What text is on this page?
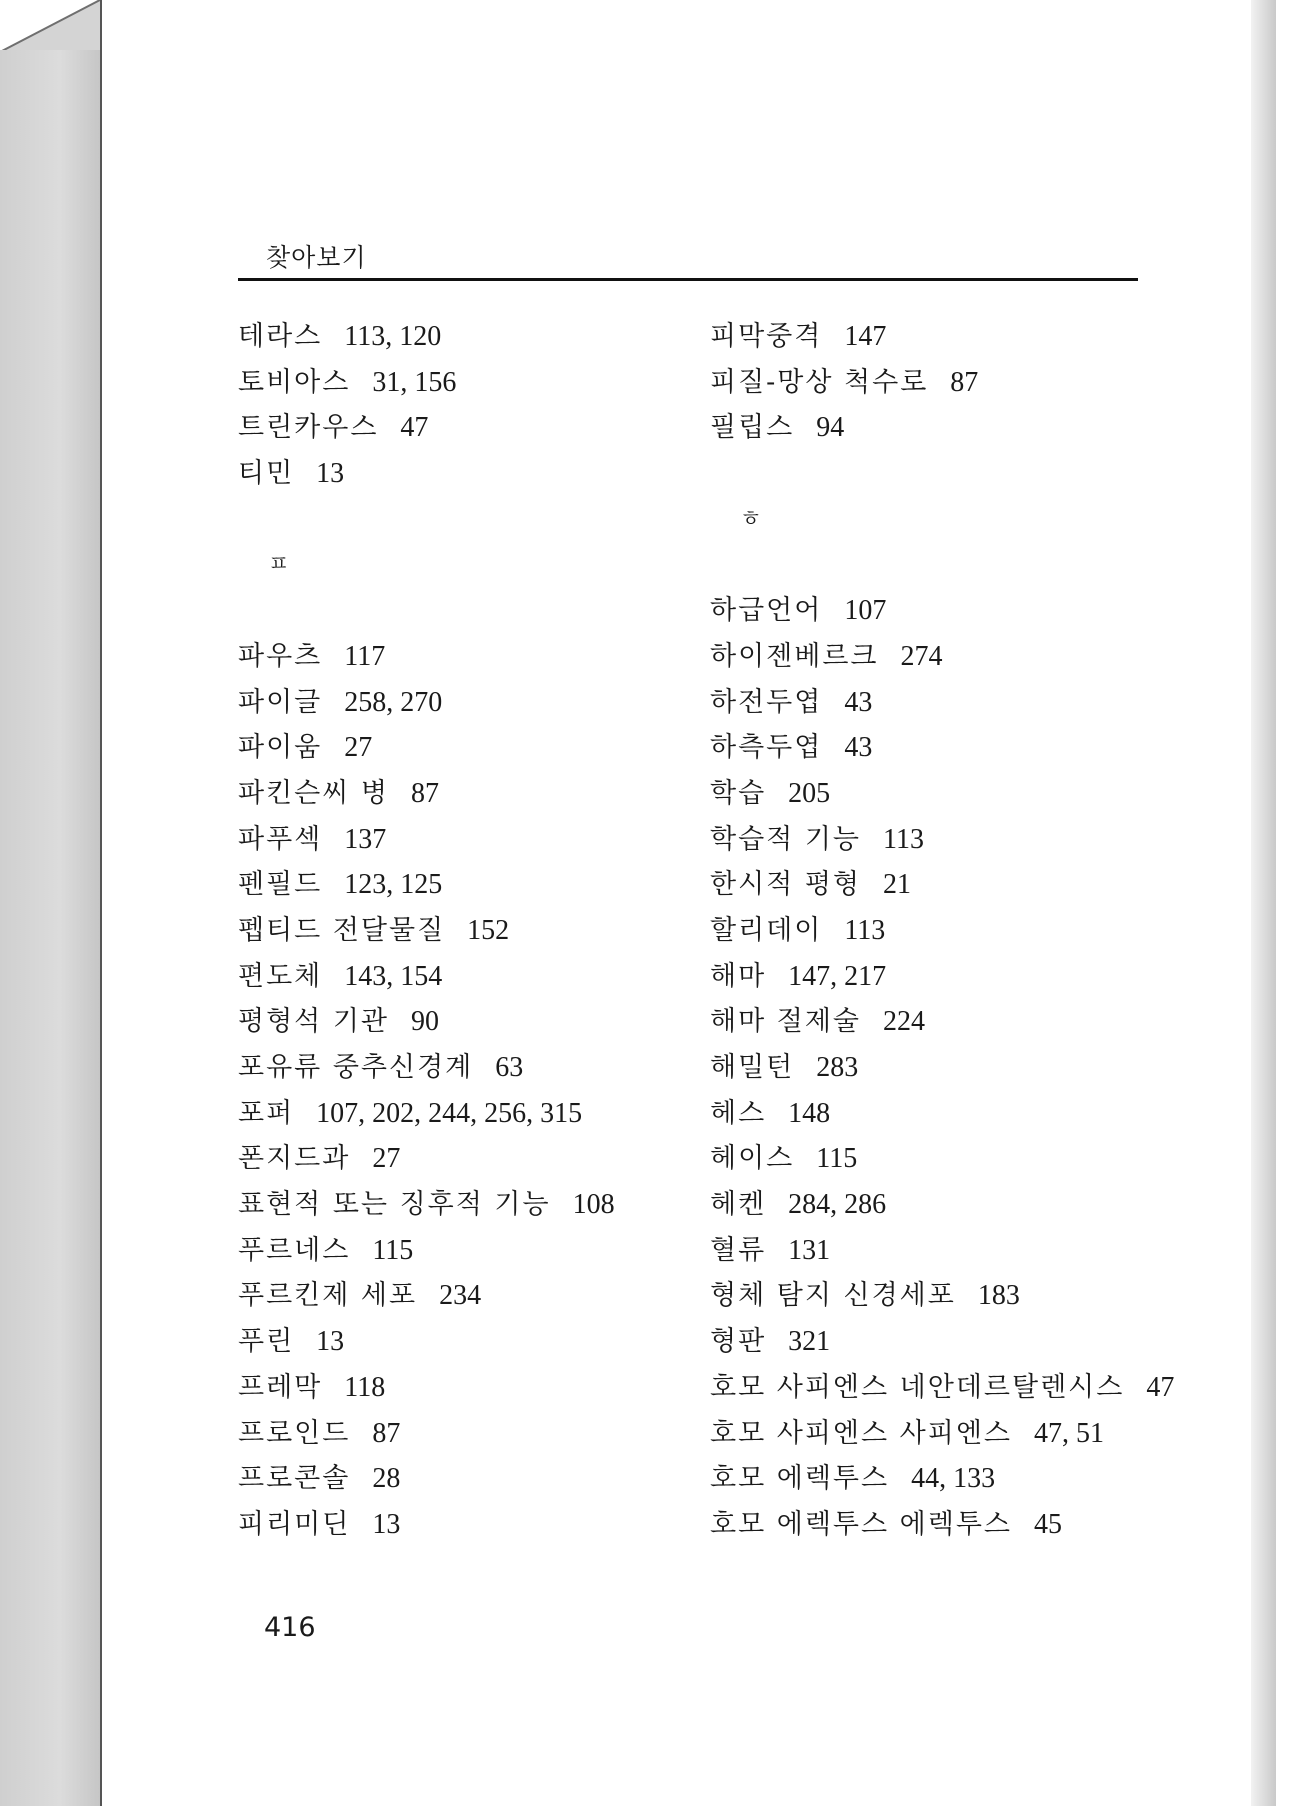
찾아보기
테라스 113, 120
토비아스 31, 156
트린카우스 47
티민 13
ㅍ
파우츠 117
파이글 258, 270
파이움 27
파킨슨씨 병 87
파푸섹 137
펜필드 123, 125
펩티드 전달물질 152
편도체 143, 154
평형석 기관 90
포유류 중추신경계 63
포퍼 107, 202, 244, 256, 315
폰지드과 27
표현적 또는 징후적 기능 108
푸르네스 115
푸르킨제 세포 234
푸린 13
프레막 118
프로인드 87
프로콘솔 28
피리미딘 13
피막중격 147
피질-망상 척수로 87
필립스 94
ㅎ
하급언어 107
하이젠베르크 274
하전두엽 43
하측두엽 43
학습 205
학습적 기능 113
한시적 평형 21
할리데이 113
해마 147, 217
해마 절제술 224
해밀턴 283
헤스 148
헤이스 115
헤켄 284, 286
혈류 131
형체 탐지 신경세포 183
형판 321
호모 사피엔스 네안데르탈렌시스 47
호모 사피엔스 사피엔스 47, 51
호모 에렉투스 44, 133
호모 에렉투스 에렉투스 45
416
